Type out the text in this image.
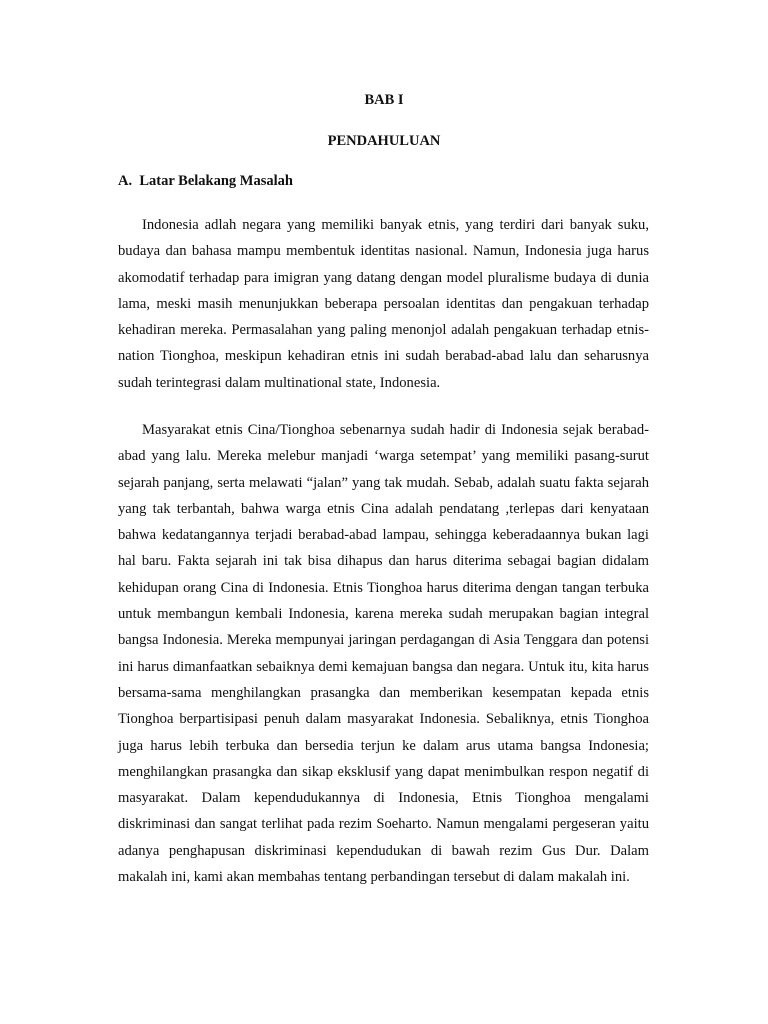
BAB I
PENDAHULUAN
A.  Latar Belakang Masalah

Indonesia adlah negara yang memiliki banyak etnis, yang terdiri dari banyak suku, budaya dan bahasa mampu membentuk identitas nasional. Namun, Indonesia juga harus akomodatif terhadap para imigran yang datang dengan model pluralisme budaya di dunia lama, meski masih menunjukkan beberapa persoalan identitas dan pengakuan terhadap kehadiran mereka. Permasalahan yang paling menonjol adalah pengakuan terhadap etnis-nation Tionghoa, meskipun kehadiran etnis ini sudah berabad-abad lalu dan seharusnya sudah terintegrasi dalam multinational state, Indonesia.

Masyarakat etnis Cina/Tionghoa sebenarnya sudah hadir di Indonesia sejak berabad-abad yang lalu. Mereka melebur manjadi ‘warga setempat’ yang memiliki pasang-surut sejarah panjang, serta melawati “jalan” yang tak mudah. Sebab, adalah suatu fakta sejarah yang tak terbantah, bahwa warga etnis Cina adalah pendatang ,terlepas dari kenyataan bahwa kedatangannya terjadi berabad-abad lampau, sehingga keberadaannya bukan lagi hal baru. Fakta sejarah ini tak bisa dihapus dan harus diterima sebagai bagian didalam kehidupan orang Cina di Indonesia. Etnis Tionghoa harus diterima dengan tangan terbuka untuk membangun kembali Indonesia, karena mereka sudah merupakan bagian integral bangsa Indonesia. Mereka mempunyai jaringan perdagangan di Asia Tenggara dan potensi ini harus dimanfaatkan sebaiknya demi kemajuan bangsa dan negara. Untuk itu, kita harus bersama-sama menghilangkan prasangka dan memberikan kesempatan kepada etnis Tionghoa berpartisipasi penuh dalam masyarakat Indonesia. Sebaliknya, etnis Tionghoa juga harus lebih terbuka dan bersedia terjun ke dalam arus utama bangsa Indonesia; menghilangkan prasangka dan sikap eksklusif yang dapat menimbulkan respon negatif di masyarakat. Dalam kependudukannya di Indonesia, Etnis Tionghoa mengalami diskriminasi dan sangat terlihat pada rezim Soeharto. Namun mengalami pergeseran yaitu adanya penghapusan diskriminasi kependudukan di bawah rezim Gus Dur. Dalam makalah ini, kami akan membahas tentang perbandingan tersebut di dalam makalah ini.
